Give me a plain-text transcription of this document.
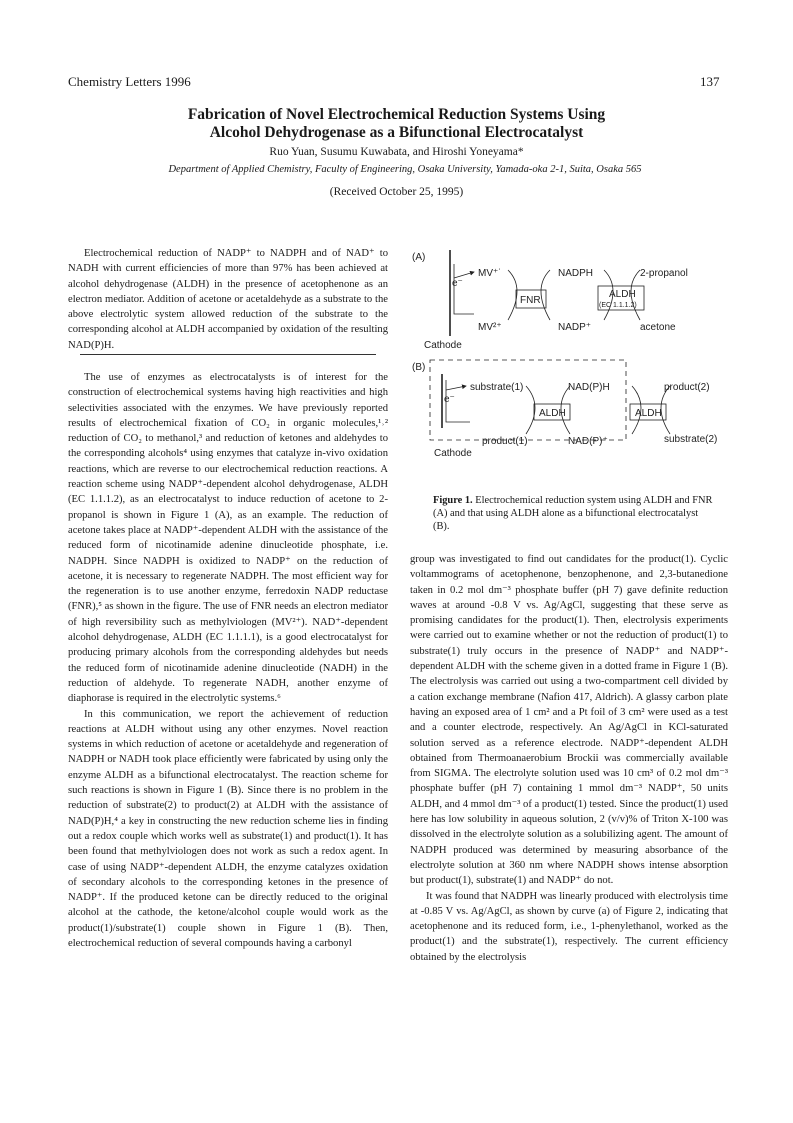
Chemistry Letters 1996	137
Fabrication of Novel Electrochemical Reduction Systems Using
Alcohol Dehydrogenase as a Bifunctional Electrocatalyst
Ruo Yuan, Susumu Kuwabata, and Hiroshi Yoneyama*
Department of Applied Chemistry, Faculty of Engineering, Osaka University, Yamada-oka 2-1, Suita, Osaka 565
(Received October 25, 1995)

Electrochemical reduction of NADP⁺ to NADPH and of NAD⁺ to NADH with current efficiencies of more than 97% has been achieved at alcohol dehydrogenase (ALDH) in the presence of acetophenone as an electron mediator. Addition of acetone or acetaldehyde as a substrate to the above electrolytic system allowed reduction of the substrate to the corresponding alcohol at ALDH accompanied by oxidation of the resulting NAD(P)H.

The use of enzymes as electrocatalysts is of interest for the construction of electrochemical systems having high reactivities and high selectivities associated with the enzymes. We have previously reported results of electrochemical fixation of CO₂ in organic molecules,¹˒² reduction of CO₂ to methanol,³ and reduction of ketones and aldehydes to the corresponding alcohols⁴ using enzymes that catalyze in-vivo oxidation reactions, which are reverse to our electrochemical reduction reactions. A reaction scheme using NADP⁺-dependent alcohol dehydrogenase, ALDH (EC 1.1.1.2), as an electrocatalyst to induce reduction of acetone to 2-propanol is shown in Figure 1 (A), as an example. The reduction of acetone takes place at NADP⁺-dependent ALDH with the assistance of the reduced form of nicotinamide adenine dinucleotide phosphate, i.e. NADPH. Since NADPH is oxidized to NADP⁺ on the reduction of acetone, it is necessary to regenerate NADPH. The most efficient way for the regeneration is to use another enzyme, ferredoxin NADP reductase (FNR),⁵ as shown in the figure. The use of FNR needs an electron mediator of high reversibility such as methylviologen (MV²⁺). NAD⁺-dependent alcohol dehydrogenase, ALDH (EC 1.1.1.1), is a good electrocatalyst for producing primary alcohols from the corresponding aldehydes but needs the reduced form of nicotinamide adenine dinucleotide (NADH) in the reduction of aldehyde. To regenerate NADH, another enzyme of diaphorase is required in the electrolytic systems.⁶

In this communication, we report the achievement of reduction reactions at ALDH without using any other enzymes. Novel reaction systems in which reduction of acetone or acetaldehyde and regeneration of NADPH or NADH took place efficiently were fabricated by using only the enzyme ALDH as a bifunctional electrocatalyst. The reaction scheme for such reactions is shown in Figure 1 (B). Since there is no problem in the reduction of substrate(2) to product(2) at ALDH with the assistance of NAD(P)H,⁴ a key in constructing the new reduction scheme lies in finding out a redox couple which works well as substrate(1) and product(1). It has been found that methylviologen does not work as such a redox agent. In case of using NADP⁺-dependent ALDH, the enzyme catalyzes oxidation of secondary alcohols to the corresponding ketones in the presence of NADP⁺. If the produced ketone can be directly reduced to the original alcohol at the cathode, the ketone/alcohol couple would work as the product(1)/substrate(1) couple shown in Figure 1 (B). Then, electrochemical reduction of several compounds having a carbonyl

(A)
e⁻
MV⁺˙
MV²⁺
FNR
NADPH
NADP⁺
ALDH
(EC 1.1.1.2)
2-propanol
acetone
Cathode
(B)
e⁻
substrate(1)
product(1)
ALDH
NAD(P)H
NAD(P)⁺
ALDH
product(2)
substrate(2)
Cathode
Figure 1. Electrochemical reduction system using ALDH and FNR (A) and that using ALDH alone as a bifunctional electrocatalyst (B).

group was investigated to find out candidates for the product(1). Cyclic voltammograms of acetophenone, benzophenone, and 2,3-butanedione taken in 0.2 mol dm⁻³ phosphate buffer (pH 7) gave definite reduction waves at around -0.8 V vs. Ag/AgCl, suggesting that these serve as promising candidates for the product(1). Then, electrolysis experiments were carried out to examine whether or not the reduction of product(1) to substrate(1) truly occurs in the presence of NADP⁺ and NADP⁺-dependent ALDH with the scheme given in a dotted frame in Figure 1 (B). The electrolysis was carried out using a two-compartment cell divided by a cation exchange membrane (Nafion 417, Aldrich). A glassy carbon plate having an exposed area of 1 cm² and a Pt foil of 3 cm² were used as a test and a counter electrode, respectively. An Ag/AgCl in KCl-saturated solution served as a reference electrode. NADP⁺-dependent ALDH obtained from Thermoanaerobium Brockii was commercially available from SIGMA. The electrolyte solution used was 10 cm³ of 0.2 mol dm⁻³ phosphate buffer (pH 7) containing 1 mmol dm⁻³ NADP⁺, 50 units ALDH, and 4 mmol dm⁻³ of a product(1) tested. Since the product(1) used here has low solubility in aqueous solution, 2 (v/v)% of Triton X-100 was dissolved in the electrolyte solution as a solubilizing agent. The amount of NADPH produced was determined by measuring absorbance of the electrolyte solution at 360 nm where NADPH shows intense absorption but product(1), substrate(1) and NADP⁺ do not.

It was found that NADPH was linearly produced with electrolysis time at -0.85 V vs. Ag/AgCl, as shown by curve (a) of Figure 2, indicating that acetophenone and its reduced form, i.e., 1-phenylethanol, worked as the product(1) and the substrate(1), respectively. The current efficiency obtained by the electrolysis
